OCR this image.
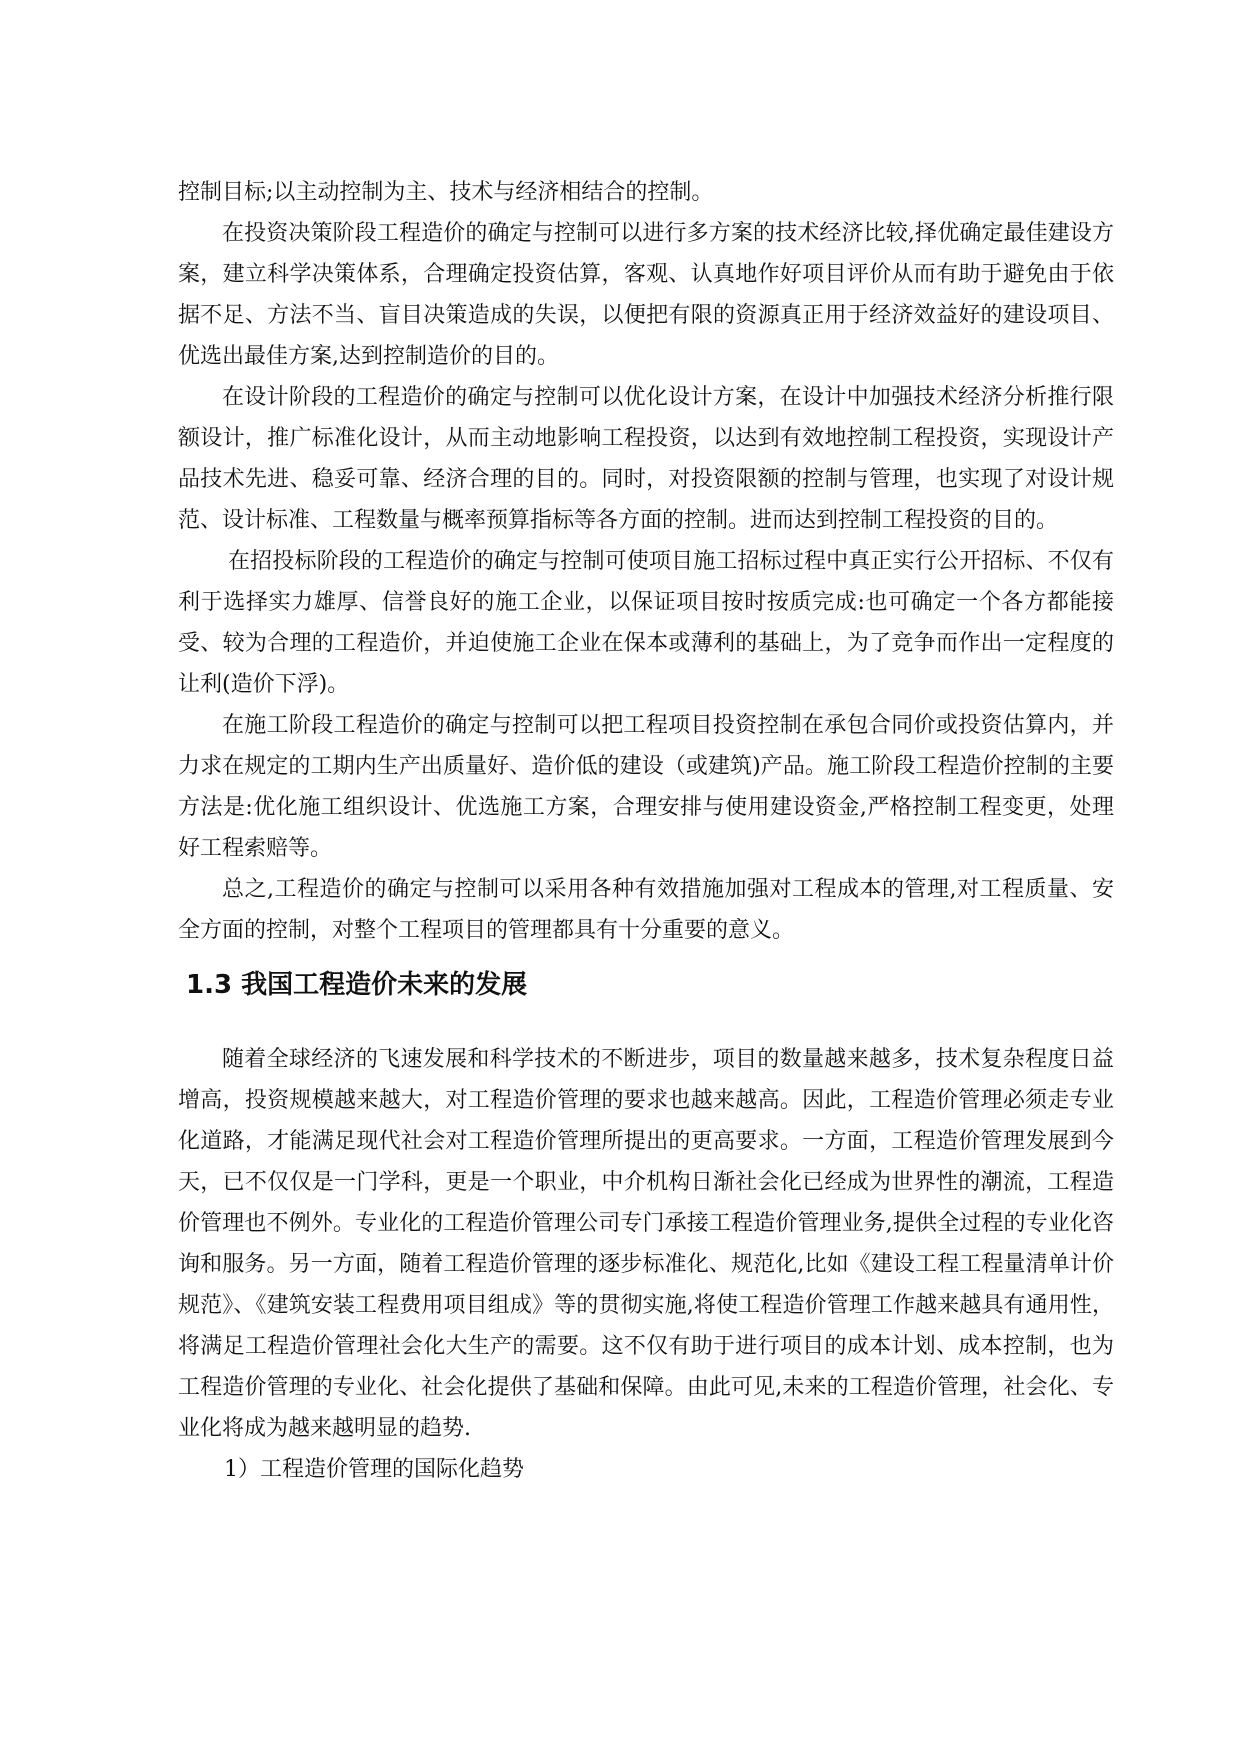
控制目标;以主动控制为主、技术与经济相结合的控制。

在投资决策阶段工程造价的确定与控制可以进行多方案的技术经济比较,择优确定最佳建设方案，建立科学决策体系，合理确定投资估算，客观、认真地作好项目评价从而有助于避免由于依据不足、方法不当、盲目决策造成的失误，以便把有限的资源真正用于经济效益好的建设项目、优选出最佳方案,达到控制造价的目的。

在设计阶段的工程造价的确定与控制可以优化设计方案，在设计中加强技术经济分析推行限额设计，推广标准化设计，从而主动地影响工程投资，以达到有效地控制工程投资，实现设计产品技术先进、稳妥可靠、经济合理的目的。同时，对投资限额的控制与管理，也实现了对设计规范、设计标准、工程数量与概率预算指标等各方面的控制。进而达到控制工程投资的目的。

在招投标阶段的工程造价的确定与控制可使项目施工招标过程中真正实行公开招标、不仅有利于选择实力雄厚、信誉良好的施工企业，以保证项目按时按质完成:也可确定一个各方都能接受、较为合理的工程造价，并迫使施工企业在保本或薄利的基础上，为了竞争而作出一定程度的让利(造价下浮)。

在施工阶段工程造价的确定与控制可以把工程项目投资控制在承包合同价或投资估算内，并力求在规定的工期内生产出质量好、造价低的建设（或建筑)产品。施工阶段工程造价控制的主要方法是:优化施工组织设计、优选施工方案，合理安排与使用建设资金,严格控制工程变更，处理好工程索赔等。

总之,工程造价的确定与控制可以采用各种有效措施加强对工程成本的管理,对工程质量、安全方面的控制，对整个工程项目的管理都具有十分重要的意义。

1.3 我国工程造价未来的发展

随着全球经济的飞速发展和科学技术的不断进步，项目的数量越来越多，技术复杂程度日益增高，投资规模越来越大，对工程造价管理的要求也越来越高。因此，工程造价管理必须走专业化道路，才能满足现代社会对工程造价管理所提出的更高要求。一方面，工程造价管理发展到今天，已不仅仅是一门学科，更是一个职业，中介机构日渐社会化已经成为世界性的潮流，工程造价管理也不例外。专业化的工程造价管理公司专门承接工程造价管理业务,提供全过程的专业化咨询和服务。另一方面，随着工程造价管理的逐步标准化、规范化,比如《建设工程工程量清单计价规范》、《建筑安装工程费用项目组成》等的贯彻实施,将使工程造价管理工作越来越具有通用性，将满足工程造价管理社会化大生产的需要。这不仅有助于进行项目的成本计划、成本控制，也为工程造价管理的专业化、社会化提供了基础和保障。由此可见,未来的工程造价管理，社会化、专业化将成为越来越明显的趋势.

1）工程造价管理的国际化趋势
